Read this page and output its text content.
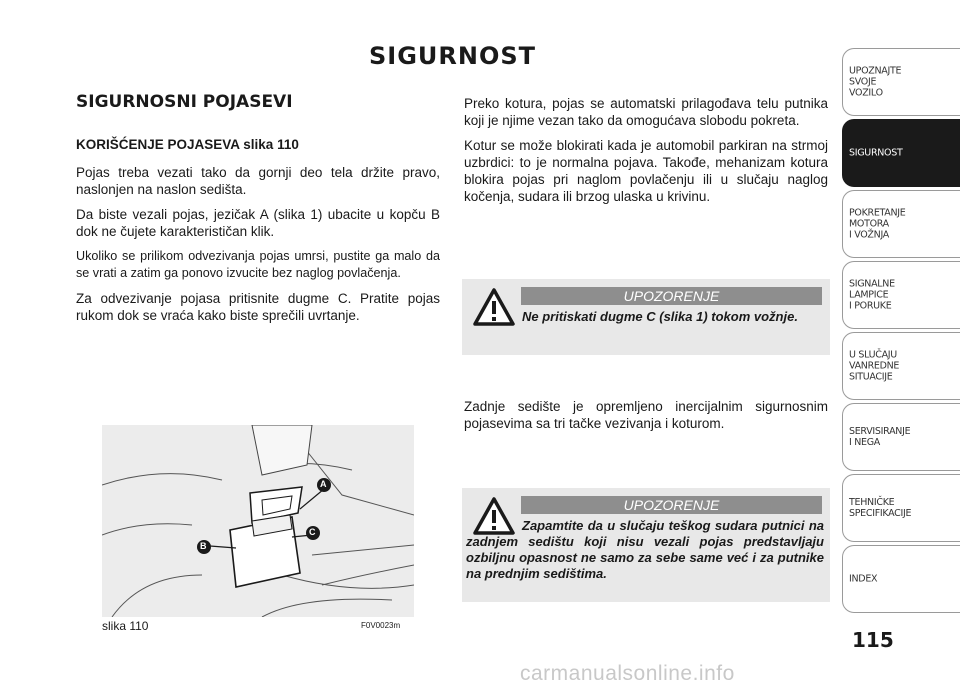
SIGURNOST
SIGURNOSNI POJASEVI
KORIŠĆENJE POJASEVA slika 110

Pojas treba vezati tako da gornji deo tela držite pravo, naslonjen na naslon sedišta.

Da biste vezali pojas, jezičak A (slika 1) ubacite u kopču B dok ne čujete karakterističan klik.

Ukoliko se prilikom odvezivanja pojas umrsi, pustite ga malo da se vrati a zatim ga ponovo izvucite bez naglog povlačenja.

Za odvezivanje pojasa pritisnite dugme C. Pratite pojas rukom dok se vraća kako biste sprečili uvrtanje.

Preko kotura, pojas se automatski prilagođava telu putnika koji je njime vezan tako da omogućava slobodu pokreta.

Kotur se može blokirati kada je automobil parkiran na strmoj uzbrdici: to je normalna pojava. Takođe, mehanizam kotura blokira pojas pri naglom povlačenju ili u slučaju naglog kočenja, sudara ili brzog ulaska u krivinu.

UPOZORENJE
Ne pritiskati dugme C (slika 1) tokom vožnje.

Zadnje sedište je opremljeno inercijalnim sigurnosnim pojasevima sa tri tačke vezivanja i koturom.

UPOZORENJE
Zapamtite da u slučaju teškog sudara putnici na zadnjem sedištu koji nisu vezali pojas predstavljaju ozbiljnu opasnost ne samo za sebe same već i za putnike na prednjim sedištima.
A
C
B
slika 110	F0V0023m
UPOZNAJTE
SVOJE
VOZILO
SIGURNOST
POKRETANJE
MOTORA
I VOŽNJA
SIGNALNE
LAMPICE
I PORUKE
U SLUČAJU
VANREDNE
SITUACIJE
SERVISIRANJE
I NEGA
TEHNIČKE
SPECIFIKACIJE
INDEX
115
carmanualsonline.info
